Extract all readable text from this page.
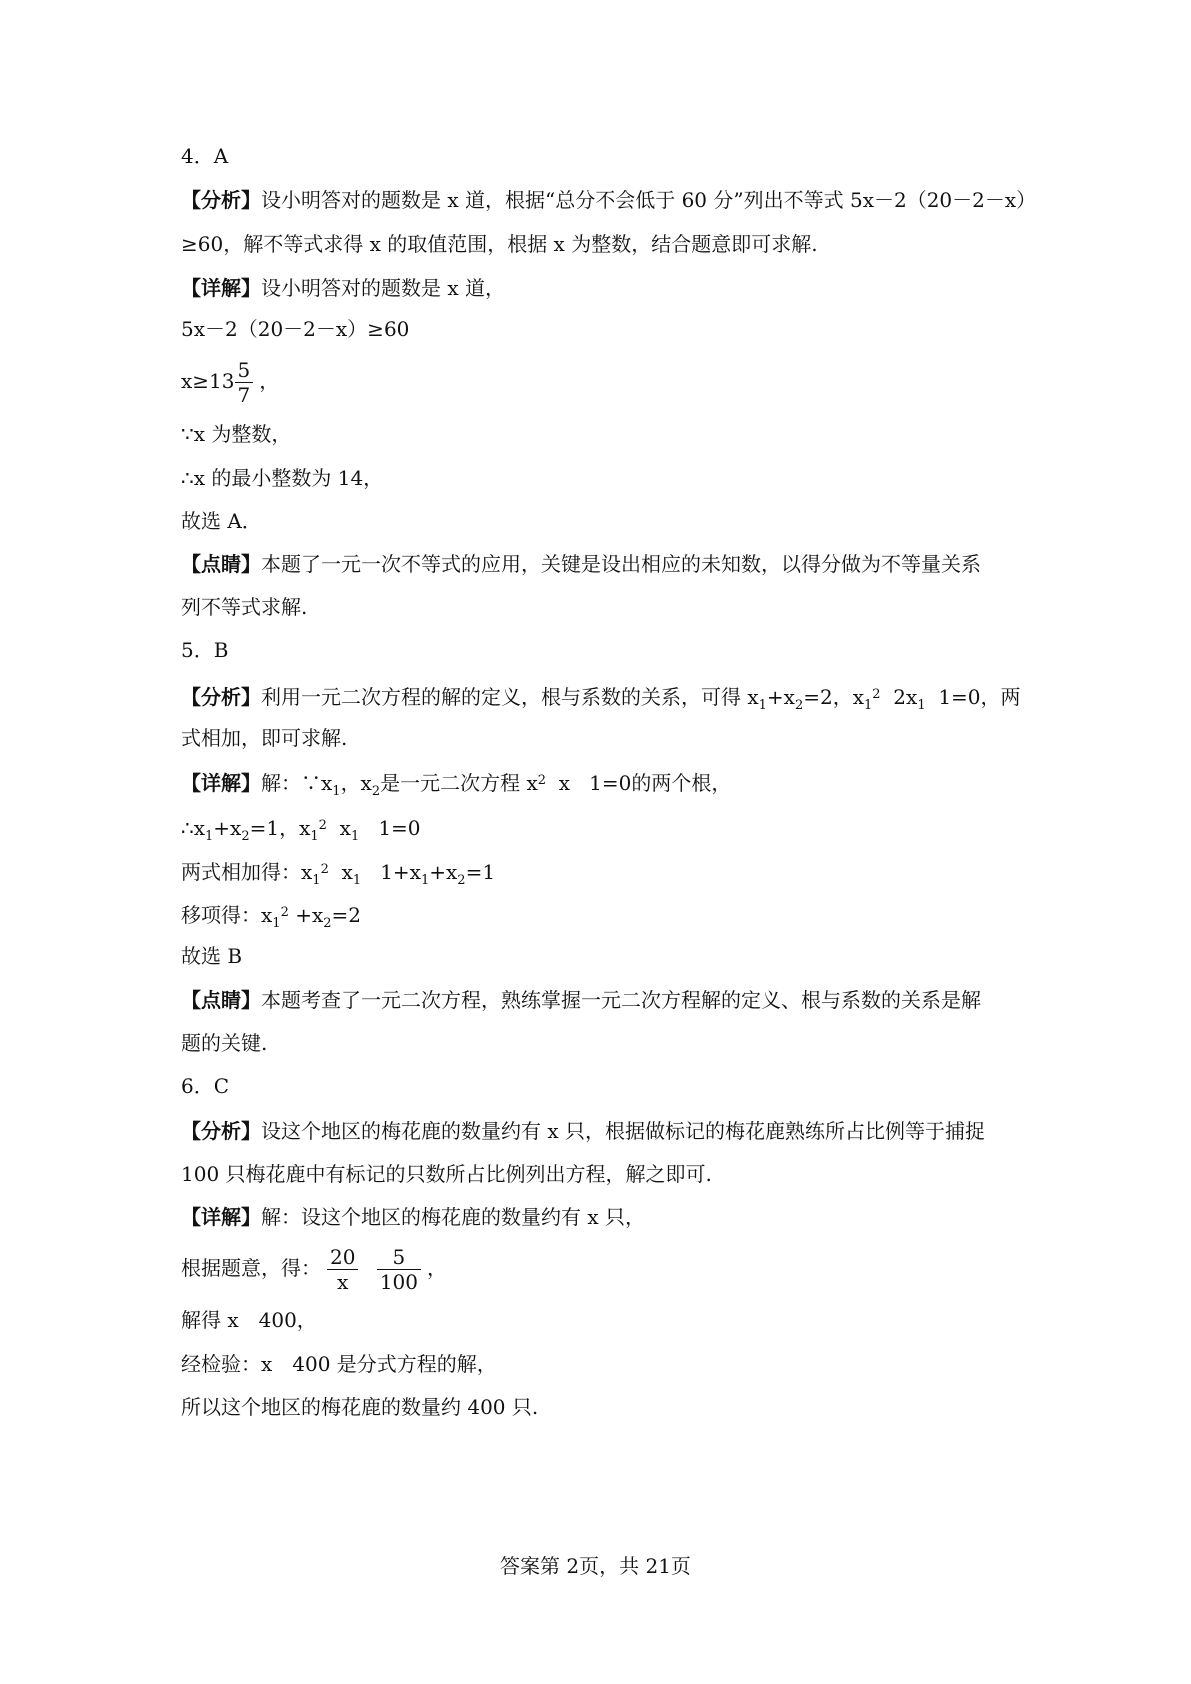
4．A
【分析】设小明答对的题数是 x 道，根据“总分不会低于 60 分”列出不等式 5x－2（20－2－x）
≥60，解不等式求得 x 的取值范围，根据 x 为整数，结合题意即可求解.
【详解】设小明答对的题数是 x 道，
5x－2（20－2－x）≥60
$x\ge 13 \frac{5}{7}$ ，
∵x 为整数，
∴x 的最小整数为 14，
故选 A．
【点睛】本题了一元一次不等式的应用，关键是设出相应的未知数，以得分做为不等量关系
列不等式求解.
5．B
【分析】利用一元二次方程的解的定义，根与系数的关系，可得 $x_1+x_2=2$，$x_1^2$ $2x_1$ 1=0，两
式相加，即可求解.
【详解】解：$\because x_1$，$x_2$是一元二次方程 $x^2$ x 1=0的两个根，
$\therefore x_1+x_2=1$，$x_1^2$ $x_1$ 1=0
两式相加得：$x_1^2$ $x_1$ $1+x_1+x_2=1$
移项得：$x_1^2 +x_2=2$
故选 B
【点睛】本题考查了一元二次方程，熟练掌握一元二次方程解的定义、根与系数的关系是解
题的关键.
6．C
【分析】设这个地区的梅花鹿的数量约有 x 只，根据做标记的梅花鹿熟练所占比例等于捕捉
100 只梅花鹿中有标记的只数所占比例列出方程，解之即可.
【详解】解：设这个地区的梅花鹿的数量约有 x 只，
根据题意，得： $\frac{20}{x}$
$\frac{5}{100}$ ，
解得 x　400，
经检验：x　400 是分式方程的解，
所以这个地区的梅花鹿的数量约 400 只.
答案第 2页，共 21页
